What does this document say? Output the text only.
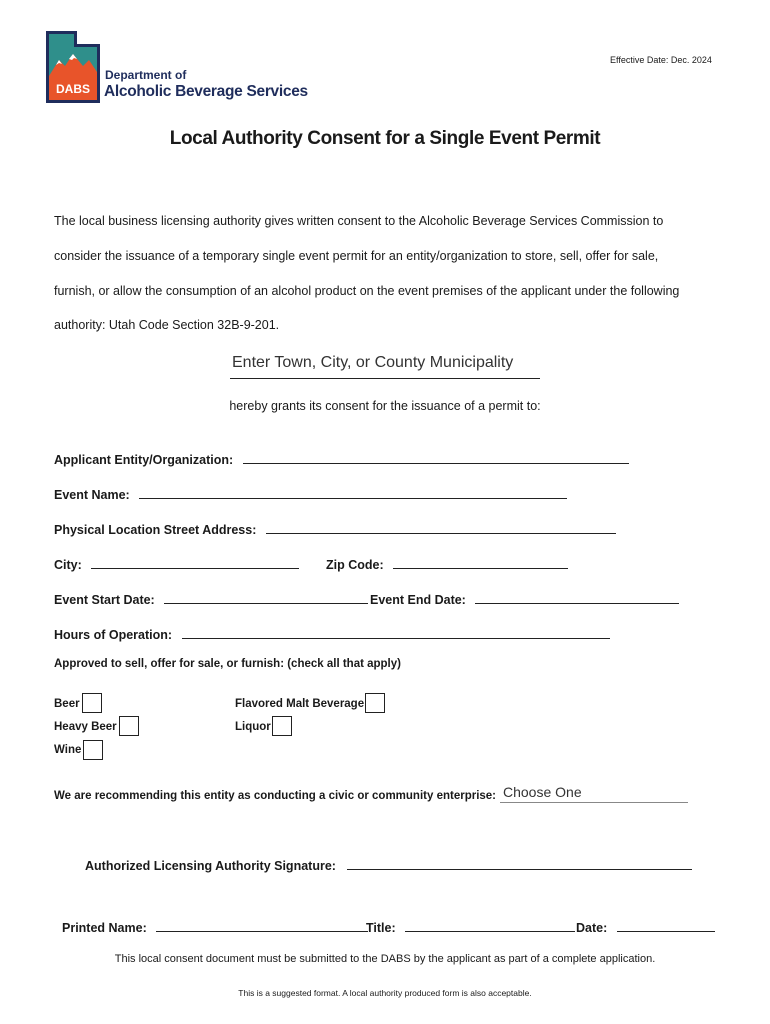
DABS
Department of
Alcoholic Beverage Services
Effective Date: Dec. 2024
Local Authority Consent for a Single Event Permit
The local business licensing authority gives written consent to the Alcoholic Beverage Services Commission to
consider the issuance of a temporary single event permit for an entity/organization to store, sell, offer for sale,
furnish, or allow the consumption of an alcohol product on the event premises of the applicant under the following
authority: Utah Code Section 32B-9-201.
Enter Town, City, or County Municipality
hereby grants its consent for the issuance of a permit to:
Applicant Entity/Organization:
Event Name:
Physical Location Street Address:
City:	Zip Code:
Event Start Date:	Event End Date:
Hours of Operation:
Approved to sell, offer for sale, or furnish: (check all that apply)
Beer
Heavy Beer
Wine
Flavored Malt Beverage
Liquor
We are recommending this entity as conducting a civic or community enterprise: Choose One
Authorized Licensing Authority Signature:
Printed Name:	Title:	Date:
This local consent document must be submitted to the DABS by the applicant as part of a complete application.
This is a suggested format. A local authority produced form is also acceptable.
